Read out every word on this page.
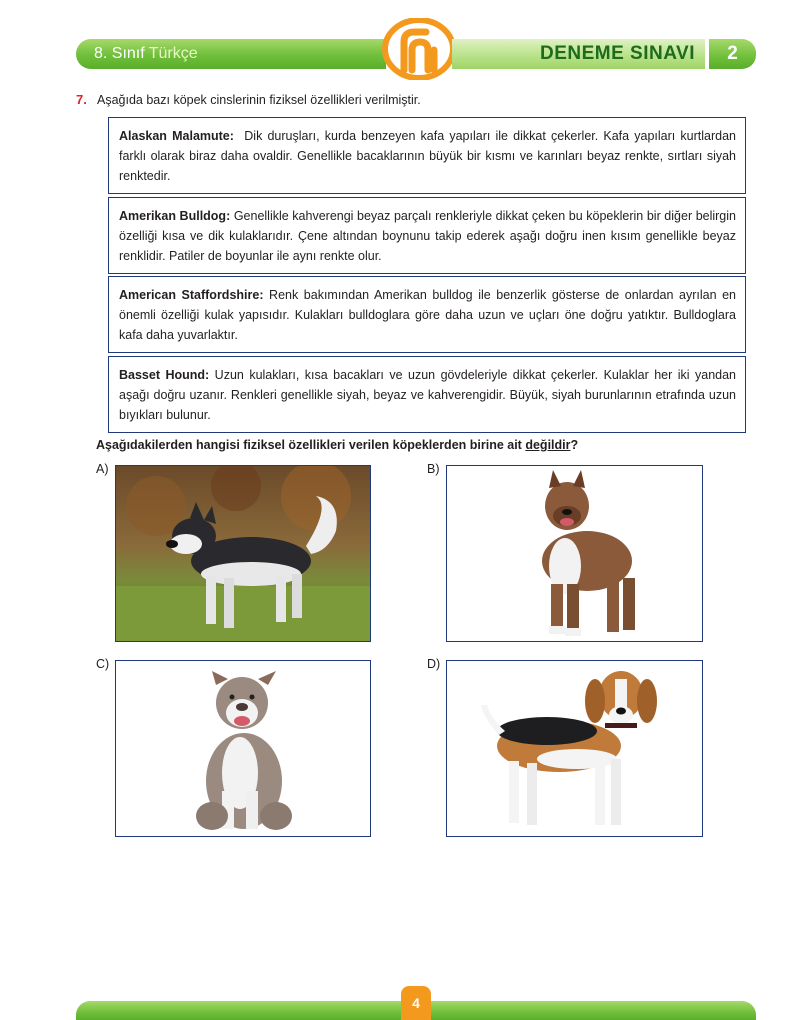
8. Sınıf Türkçe	DENEME SINAVI	2
7. Aşağıda bazı köpek cinslerinin fiziksel özellikleri verilmiştir.
Alaskan Malamute: Dik duruşları, kurda benzeyen kafa yapıları ile dikkat çekerler. Kafa yapıları kurtlardan farklı olarak biraz daha ovaldir. Genellikle bacaklarının büyük bir kısmı ve karınları beyaz renkte, sırtları siyah renktedir.
Amerikan Bulldog: Genellikle kahverengi beyaz parçalı renkleriyle dikkat çeken bu köpeklerin bir diğer belirgin özelliği kısa ve dik kulaklarıdır. Çene altından boynunu takip ederek aşağı doğru inen kısım genellikle beyaz renklidir. Patiler de boyunlar ile aynı renkte olur.
American Staffordshire: Renk bakımından Amerikan bulldog ile benzerlik gösterse de onlardan ayrılan en önemli özelliği kulak yapısıdır. Kulakları bulldoglara göre daha uzun ve uçları öne doğru yatıktır. Bulldoglara kafa daha yuvarlaktır.
Basset Hound: Uzun kulakları, kısa bacakları ve uzun gövdeleriyle dikkat çekerler. Kulaklar her iki yandan aşağı doğru uzanır. Renkleri genellikle siyah, beyaz ve kahverengidir. Büyük, siyah burunlarının etrafında uzun bıyıkları bulunur.
Aşağıdakilerden hangisi fiziksel özellikleri verilen köpeklerden birine ait değildir?
A)	B)
C)	D)
4
